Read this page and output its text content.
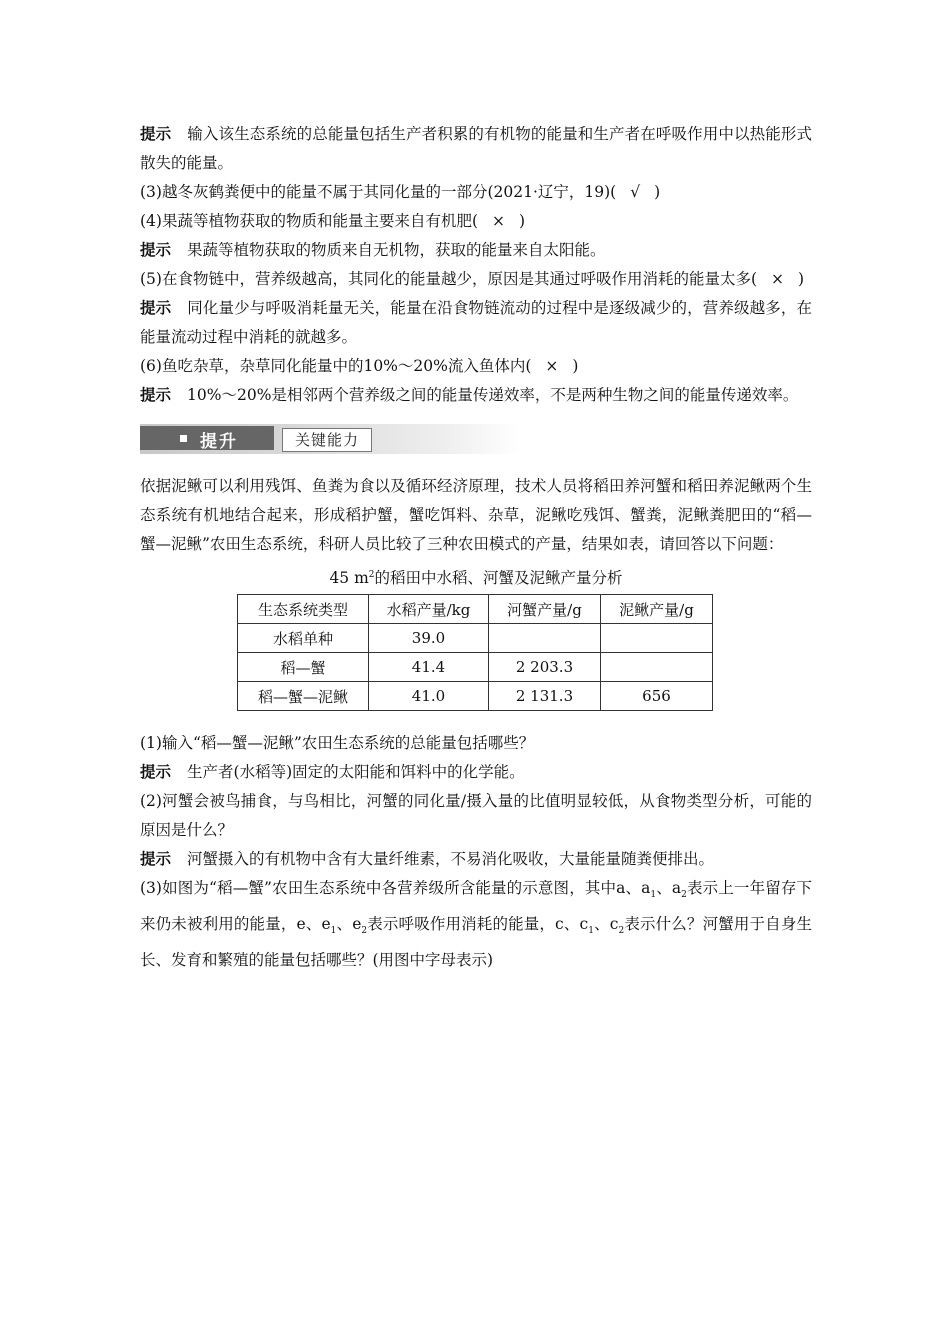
提示 输入该生态系统的总能量包括生产者积累的有机物的能量和生产者在呼吸作用中以热能形式散失的能量。

(3)越冬灰鹤粪便中的能量不属于其同化量的一部分(2021·辽宁，19)( √ )

(4)果蔬等植物获取的物质和能量主要来自有机肥( × )

提示 果蔬等植物获取的物质来自无机物，获取的能量来自太阳能。

(5)在食物链中，营养级越高，其同化的能量越少，原因是其通过呼吸作用消耗的能量太多( × )

提示 同化量少与呼吸消耗量无关，能量在沿食物链流动的过程中是逐级减少的，营养级越多，在能量流动过程中消耗的就越多。

(6)鱼吃杂草，杂草同化能量中的10%～20%流入鱼体内( × )

提示 10%～20%是相邻两个营养级之间的能量传递效率，不是两种生物之间的能量传递效率。

提升	关键能力

依据泥鳅可以利用残饵、鱼粪为食以及循环经济原理，技术人员将稻田养河蟹和稻田养泥鳅两个生态系统有机地结合起来，形成稻护蟹，蟹吃饵料、杂草，泥鳅吃残饵、蟹粪，泥鳅粪肥田的“稻—蟹—泥鳅”农田生态系统，科研人员比较了三种农田模式的产量，结果如表，请回答以下问题：

45 $m^2$的稻田中水稻、河蟹及泥鳅产量分析
生态系统类型	水稻产量/kg	河蟹产量/g	泥鳅产量/g
水稻单种	39.0		
稻—蟹	41.4	2 203.3	
稻—蟹—泥鳅	41.0	2 131.3	656

(1)输入“稻—蟹—泥鳅”农田生态系统的总能量包括哪些？

提示 生产者(水稻等)固定的太阳能和饵料中的化学能。

(2)河蟹会被鸟捕食，与鸟相比，河蟹的同化量/摄入量的比值明显较低，从食物类型分析，可能的原因是什么？

提示 河蟹摄入的有机物中含有大量纤维素，不易消化吸收，大量能量随粪便排出。

(3)如图为“稻—蟹”农田生态系统中各营养级所含能量的示意图，其中a、$a_1$、$a_2$表示上一年留存下来仍未被利用的能量，e、$e_1$、$e_2$表示呼吸作用消耗的能量，c、$c_1$、$c_2$表示什么？河蟹用于自身生长、发育和繁殖的能量包括哪些？(用图中字母表示)
